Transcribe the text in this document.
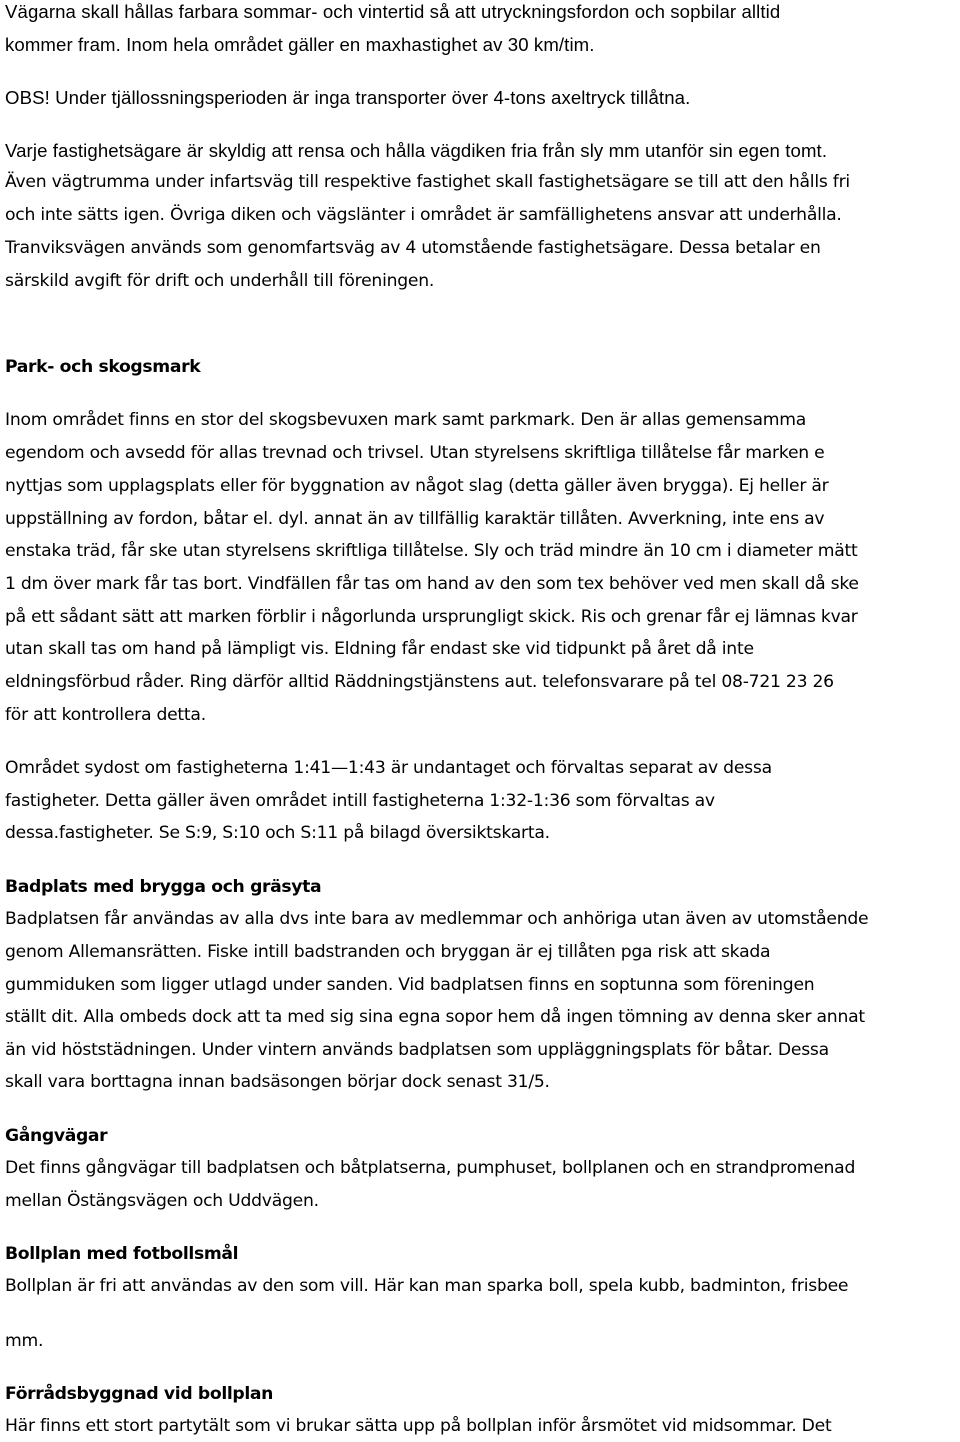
Vägarna skall hållas farbara sommar- och vintertid så att utryckningsfordon och sopbilar alltid
kommer fram. Inom hela området gäller en maxhastighet av 30 km/tim.
OBS! Under tjällossningsperioden är inga transporter över 4-tons axeltryck tillåtna.
Varje fastighetsägare är skyldig att rensa och hålla vägdiken fria från sly mm utanför sin egen tomt.
Även vägtrumma under infartsväg till respektive fastighet skall fastighetsägare se till att den hålls fri
och inte sätts igen. Övriga diken och vägslänter i området är samfällighetens ansvar att underhålla.
Tranviksvägen används som genomfartsväg av 4 utomstående fastighetsägare. Dessa betalar en
särskild avgift för drift och underhåll till föreningen.
Park- och skogsmark
Inom området finns en stor del skogsbevuxen mark samt parkmark. Den är allas gemensamma
egendom och avsedd för allas trevnad och trivsel. Utan styrelsens skriftliga tillåtelse får marken e
nyttjas som upplagsplats eller för byggnation av något slag (detta gäller även brygga). Ej heller är
uppställning av fordon, båtar el. dyl. annat än av tillfällig karaktär tillåten. Avverkning, inte ens av
enstaka träd, får ske utan styrelsens skriftliga tillåtelse. Sly och träd mindre än 10 cm i diameter mätt
1 dm över mark får tas bort. Vindfällen får tas om hand av den som tex behöver ved men skall då ske
på ett sådant sätt att marken förblir i någorlunda ursprungligt skick. Ris och grenar får ej lämnas kvar
utan skall tas om hand på lämpligt vis. Eldning får endast ske vid tidpunkt på året då inte
eldningsförbud råder. Ring därför alltid Räddningstjänstens aut. telefonsvarare på tel 08-721 23 26
för att kontrollera detta.
Området sydost om fastigheterna 1:41—1:43 är undantaget och förvaltas separat av dessa
fastigheter. Detta gäller även området intill fastigheterna 1:32-1:36 som förvaltas av
dessa.fastigheter. Se S:9, S:10 och S:11 på bilagd översiktskarta.
Badplats med brygga och gräsyta
Badplatsen får användas av alla dvs inte bara av medlemmar och anhöriga utan även av utomstående
genom Allemansrätten. Fiske intill badstranden och bryggan är ej tillåten pga risk att skada
gummiduken som ligger utlagd under sanden. Vid badplatsen finns en soptunna som föreningen
ställt dit. Alla ombeds dock att ta med sig sina egna sopor hem då ingen tömning av denna sker annat
än vid höststädningen. Under vintern används badplatsen som uppläggningsplats för båtar. Dessa
skall vara borttagna innan badsäsongen börjar dock senast 31/5.
Gångvägar
Det finns gångvägar till badplatsen och båtplatserna, pumphuset, bollplanen och en strandpromenad
mellan Östängsvägen och Uddvägen.
Bollplan med fotbollsmål
Bollplan är fri att användas av den som vill. Här kan man sparka boll, spela kubb, badminton, frisbee
mm.
Förrådsbyggnad vid bollplan
Här finns ett stort partytält som vi brukar sätta upp på bollplan inför årsmötet vid midsommar. Det
